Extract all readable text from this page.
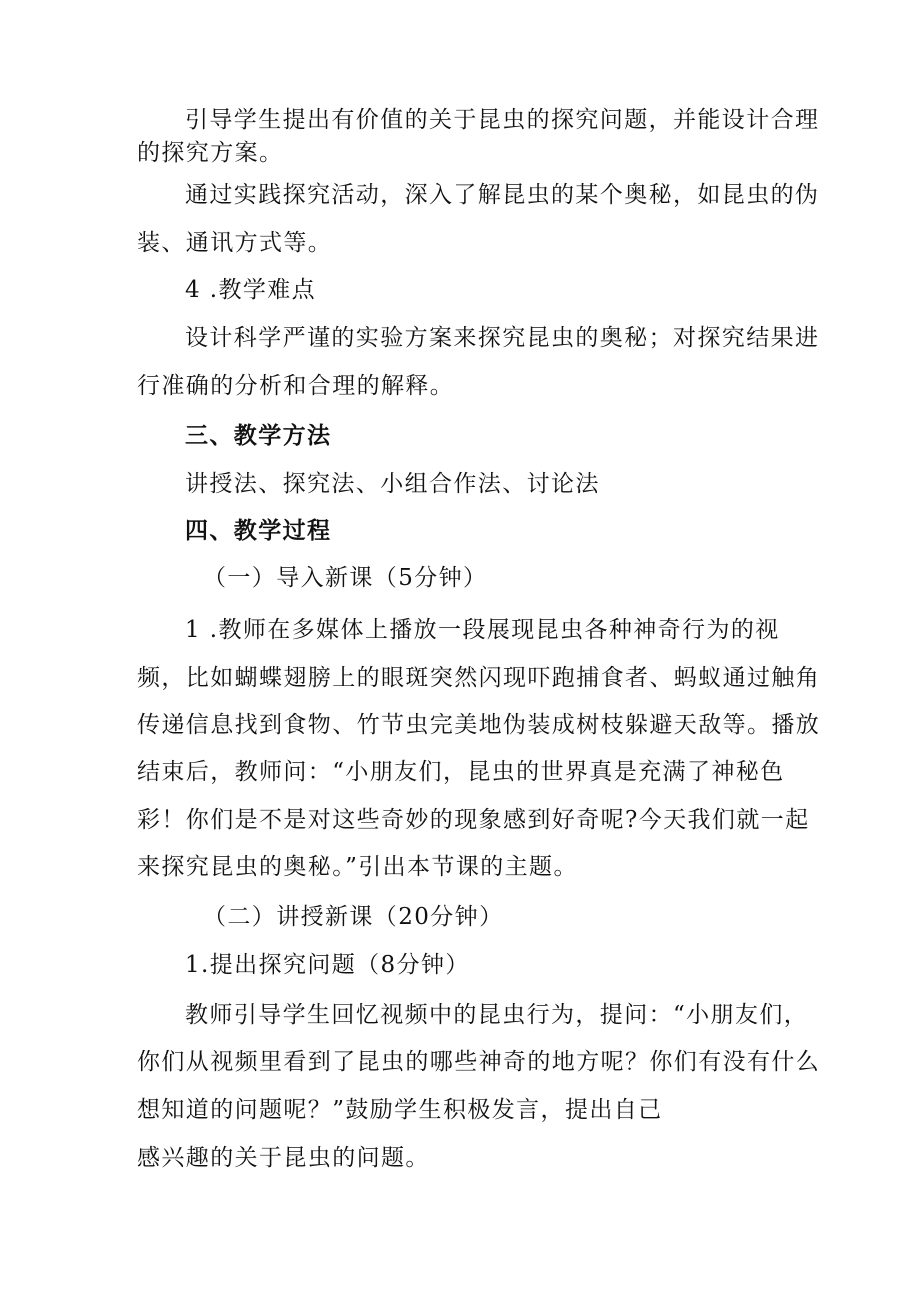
引导学生提出有价值的关于昆虫的探究问题，并能设计合理
的探究方案。
通过实践探究活动，深入了解昆虫的某个奥秘，如昆虫的伪
装、通讯方式等。
4 .教学难点
设计科学严谨的实验方案来探究昆虫的奥秘；对探究结果进
行准确的分析和合理的解释。
三、教学方法
讲授法、探究法、小组合作法、讨论法
四、教学过程
（一）导入新课（5分钟）
1 .教师在多媒体上播放一段展现昆虫各种神奇行为的视
频，比如蝴蝶翅膀上的眼斑突然闪现吓跑捕食者、蚂蚁通过触角
传递信息找到食物、竹节虫完美地伪装成树枝躲避天敌等。播放
结束后，教师问：“小朋友们，昆虫的世界真是充满了神秘色
彩！你们是不是对这些奇妙的现象感到好奇呢?今天我们就一起
来探究昆虫的奥秘。”引出本节课的主题。
（二）讲授新课（20分钟）
1.提出探究问题（8分钟）
教师引导学生回忆视频中的昆虫行为，提问：“小朋友们，
你们从视频里看到了昆虫的哪些神奇的地方呢？你们有没有什么
想知道的问题呢？”鼓励学生积极发言，提出自己
感兴趣的关于昆虫的问题。
